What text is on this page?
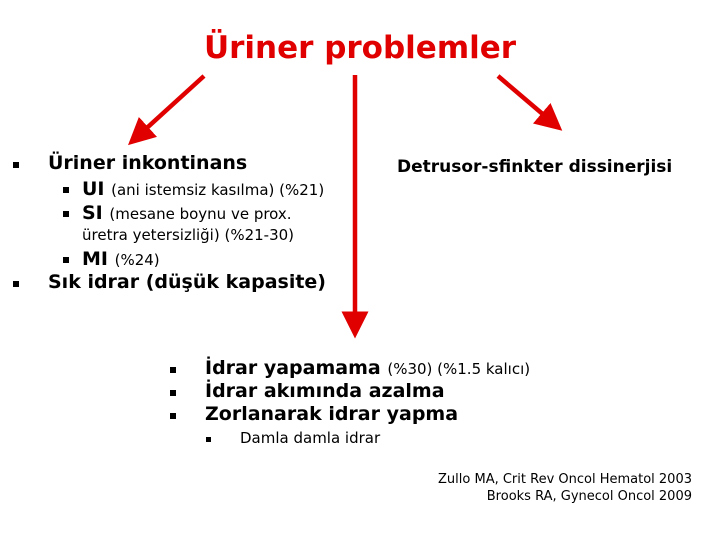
Üriner problemler
Üriner inkontinans
UI (ani istemsiz kasılma) (%21)
SI (mesane boynu ve prox.
üretra yetersizliği) (%21-30)
MI (%24)
Sık idrar (düşük kapasite)
Detrusor-sfinkter dissinerjisi
İdrar yapamama (%30) (%1.5 kalıcı)
İdrar akımında azalma
Zorlanarak idrar yapma
Damla damla idrar
Zullo MA, Crit Rev Oncol Hematol 2003
Brooks RA, Gynecol Oncol 2009
